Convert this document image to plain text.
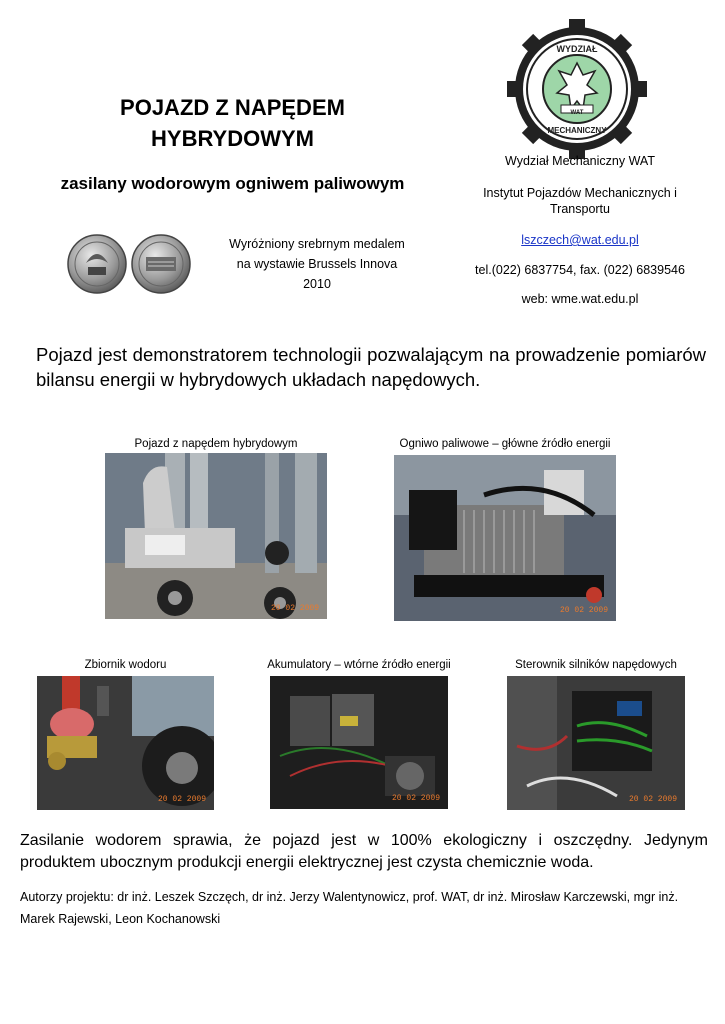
POJAZD Z NAPĘDEM HYBRYDOWYM
zasilany wodorowym ogniwem paliwowym
Wyróżniony srebrnym medalem na wystawie Brussels Innova 2010
WYDZIAŁ
MECHANICZNY
WAT
Wydział Mechaniczny WAT
Instytut Pojazdów Mechanicznych i Transportu
lszczech@wat.edu.pl
tel.(022) 6837754, fax. (022) 6839546
web: wme.wat.edu.pl
Pojazd jest demonstratorem technologii pozwalającym na prowadzenie pomiarów bilansu energii w hybrydowych układach napędowych.
Pojazd z napędem hybrydowym
20 02 2009
Ogniwo paliwowe – główne źródło energii
20 02 2009
Zbiornik wodoru
20 02 2009
Akumulatory – wtórne źródło energii
20 02 2009
Sterownik silników napędowych
20 02 2009
Zasilanie wodorem sprawia, że pojazd jest w 100% ekologiczny i oszczędny. Jedynym produktem ubocznym produkcji energii elektrycznej jest czysta chemicznie woda.
Autorzy projektu: dr inż. Leszek Szczęch, dr inż. Jerzy Walentynowicz, prof. WAT, dr inż. Mirosław Karczewski, mgr inż. Marek Rajewski, Leon Kochanowski
